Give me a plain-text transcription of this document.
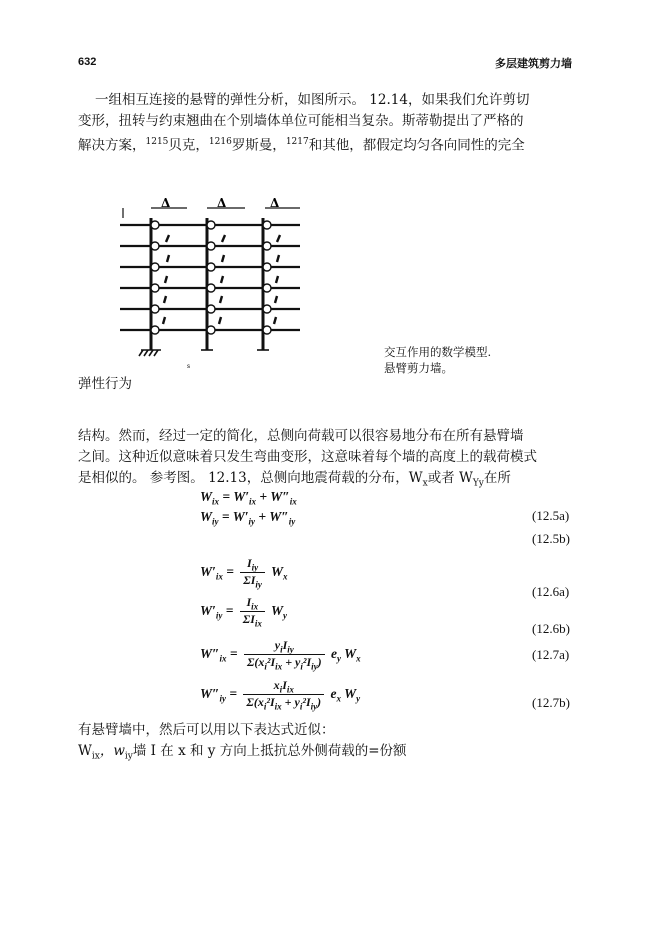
632	多层建筑剪力墙
一组相互连接的悬臂的弹性分析，如图所示。 12.14，如果我们允许剪切
变形，扭转与约束翘曲在个别墙体单位可能相当复杂。斯蒂勒提出了严格的
解决方案，$^{1215}$贝克，$^{1216}$罗斯曼，$^{1217}$和其他，都假定均匀各向同性的完全
Δ	Δ	Δ
s
交互作用的数学模型.
悬臂剪力墙。
弹性行为
结构。然而，经过一定的简化，总侧向荷载可以很容易地分布在所有悬臂墙
之间。这种近似意味着只发生弯曲变形，这意味着每个墙的高度上的载荷模式
是相似的。 参考图。 12.13，总侧向地震荷载的分布，$W_x$或者 $W_{Yy}$在所
$W_{ix} = W'_{ix} + W''_{ix}$
$W_{iy} = W'_{iy} + W''_{iy}$	(12.5a)
(12.5b)
$W'_{ix} = \frac{I_{iy}}{\Sigma I_{iy}} W_x$
$W'_{iy} = \frac{I_{ix}}{\Sigma I_{ix}} W_y$
(12.6a)
(12.6b)
$W''_{ix} = \frac{y_iI_{iy}}{\Sigma(x_i^2I_{ix} + y_i^2I_{iy})} e_y$ $W_x$
$W''_{iy} = \frac{x_iI_{ix}}{\Sigma(x_i^2I_{ix} + y_i^2I_{iy})} e_x$ $W_y$
(12.7a)
(12.7b)
有悬臂墙中，然后可以用以下表达式近似：
$W_{ix}$，$w_{iy}$墙 I 在 x 和 y 方向上抵抗总外侧荷载的=份额
